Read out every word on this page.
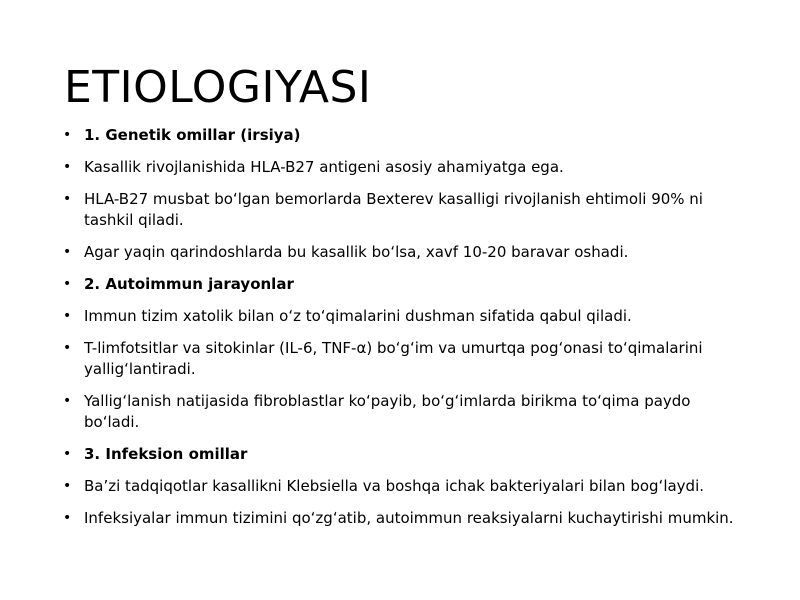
ETIOLOGIYASI
• 1. Genetik omillar (irsiya)
• Kasallik rivojlanishida HLA-B27 antigeni asosiy ahamiyatga ega.
• HLA-B27 musbat boʻlgan bemorlarda Bexterev kasalligi rivojlanish ehtimoli 90% ni tashkil qiladi.
• Agar yaqin qarindoshlarda bu kasallik boʻlsa, xavf 10-20 baravar oshadi.
• 2. Autoimmun jarayonlar
• Immun tizim xatolik bilan oʻz toʻqimalarini dushman sifatida qabul qiladi.
• T-limfotsitlar va sitokinlar (IL-6, TNF-α) boʻgʻim va umurtqa pogʻonasi toʻqimalarini yalligʻlantiradi.
• Yalligʻlanish natijasida fibroblastlar koʻpayib, boʻgʻimlarda birikma toʻqima paydo boʻladi.
• 3. Infeksion omillar
• Baʼzi tadqiqotlar kasallikni Klebsiella va boshqa ichak bakteriyalari bilan bogʻlaydi.
• Infeksiyalar immun tizimini qoʻzgʻatib, autoimmun reaksiyalarni kuchaytirishi mumkin.
